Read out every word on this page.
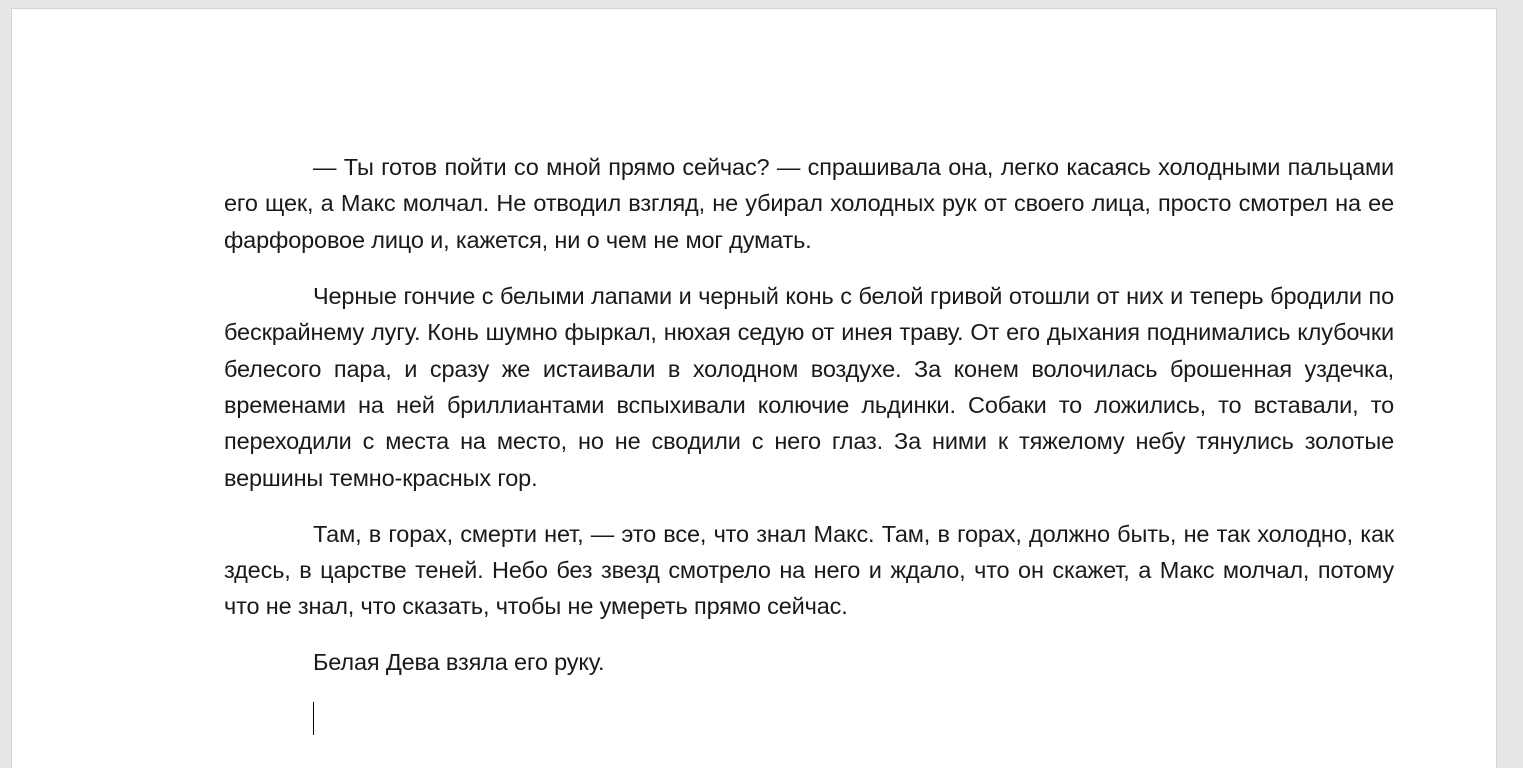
— Ты готов пойти со мной прямо сейчас? — спрашивала она, легко касаясь холодными пальцами его щек, а Макс молчал. Не отводил взгляд, не убирал холодных рук от своего лица, просто смотрел на ее фарфоровое лицо и, кажется, ни о чем не мог думать.

Черные гончие с белыми лапами и черный конь с белой гривой отошли от них и теперь бродили по бескрайнему лугу. Конь шумно фыркал, нюхая седую от инея траву. От его дыхания поднимались клубочки белесого пара, и сразу же истаивали в холодном воздухе. За конем волочилась брошенная уздечка, временами на ней бриллиантами вспыхивали колючие льдинки. Собаки то ложились, то вставали, то переходили с места на место, но не сводили с него глаз. За ними к тяжелому небу тянулись золотые вершины темно-красных гор.

Там, в горах, смерти нет, — это все, что знал Макс. Там, в горах, должно быть, не так холодно, как здесь, в царстве теней. Небо без звезд смотрело на него и ждало, что он скажет, а Макс молчал, потому что не знал, что сказать, чтобы не умереть прямо сейчас.

Белая Дева взяла его руку.
